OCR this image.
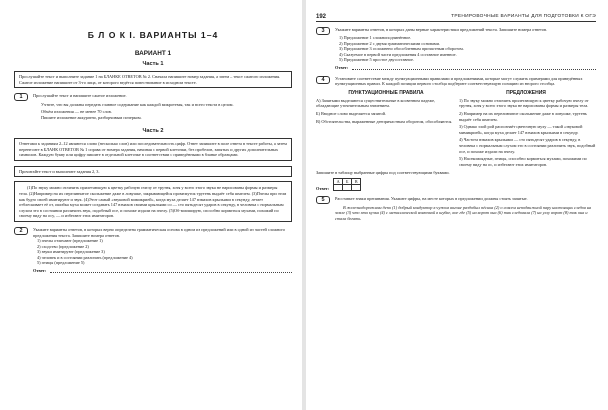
Б Л О К I. ВАРИАНТЫ 1–4
ВАРИАНТ 1
Часть 1
Прослушайте текст и выполните задание 1 на БЛАНКЕ ОТВЕТОВ № 2. Сначала напишите номер задания, а затем – текст сжатого изложения. Сжатое изложение напишите от 3-го лица, от которого ведётся повествование в исходном тексте.
1	Прослушайте текст и напишите сжатое изложение.
Учтите, что вы должны передать главное содержание как каждой микротемы, так и всего текста в целом.
Объём изложения — не менее 70 слов.
Пишите изложение аккуратно, разборчивым почерком.
Часть 2
Ответами к заданиям 2–12 являются слово (несколько слов) или последовательность цифр. Ответ запишите в поле ответа в тексте работы, а затем перенесите в БЛАНК ОТВЕТОВ № 1 справа от номера задания, начиная с первой клеточки, без пробелов, запятых и других дополнительных символов. Каждую букву или цифру пишите в отдельной клеточке в соответствии с приведёнными в бланке образцами.
Прочитайте текст и выполните задания 2, 3.
(1)По звуку можно отличить прилетающую к цветку рабочую пчелу от трутня, хотя у всего этого звука не нарисованы формы и размеры тела. (2)Например на их переливчатое скольжение даже в ловушке, закрывающейся промежуток трутень выдаёт себя шмелем. (3)Пчелы при этом как будто своей имитируют и звук. (4)Этот самый «звуковой мимикрией», когда муха делает 147 взмахов крыльями в секунду, летает отблескивает её от, ошибка муха может создавать 147 взмахов своими крыльями со — сто пятьдесят ударов в секунду, в человека с нормальным слухом это в состоянии различить звук, подобный осе, и похоже издали на пчелу. (5)Об-миоширую, способно кормиться мухами, похожий по своему виду на осу, — и избегают этих имитаторов.
2	Укажите варианты ответов, в которых верно определена грамматическая основа в одном из предложений или в одной из частей сложного предложения текста. Запишите номера ответов.
1) пчелы отличают (предложение 1)
2) сходство (предложение 2)
3) звуки имитируют (предложение 3)
4) человек и в состоянии различать (предложение 4)
5) птицы (предложение 5)
Ответ:
192	ТРЕНИРОВОЧНЫЕ ВАРИАНТЫ ДЛЯ ПОДГОТОВКИ К ОГЭ
3	Укажите варианты ответов, в которых даны верные характеристики предложений текста. Запишите номера ответов.
1) Предложение 1 сложноподчинённое.
2) Предложение 2 с двумя грамматическими основами.
3) Предложение 3 осложнено обособленным причастным оборотом.
4) Сказуемое в первой части предложения 4 составное именное.
5) Предложение 5 простое двусоставное.
Ответ:
4	Установите соответствие между пунктуационными правилами и предложениями, которые могут служить примерами для приведённых пунктуационных правил. К каждой позиции первого столбца подберите соответствующую позицию из второго столбца.
ПУНКТУАЦИОННЫЕ ПРАВИЛА	ПРЕДЛОЖЕНИЯ
А) Запятыми выделяются существительные в косвенном падеже, обладающие уточнительным значением.
Б) Вводное слово выделяется запятой.
В) Обстоятельства, выраженные деепричастным оборотом, обособляются.
1) По звуку можно отличить прилетающую к цветку рабочую пчелу от трутня, хотя у всего этого звука не нарисованы формы и размеры тела.
2) Например на их переливчатое скольжение даже в ловушке, трутень выдаёт себя шмелем.
3) Однако злой рой распознаёт цветочную муху — такой «звуковой мимикрией», когда муха делает 147 взмахов крыльями в секунду.
4) Частота взмахов крыльями — сто пятьдесят ударов в секунду, в человека с нормальным слухом это в состоянии различить звук, подобный осе, и похоже издали на пчелу.
5) Насекомоядные, птицы, способно кормиться мухами, похожими по своему виду на ос, и избегают этих имитаторов.
Запишите в таблицу выбранные цифры под соответствующими буквами.
Ответ:
А	Б	В

5	Расставьте знаки препинания. Укажите цифры, на месте которых в предложении должны стоять запятые.
В железнодорожном депо (1) добрый кондуктор в чужом вагоне раздобыл пёсика (2) о совсем неподвижной пару настоящих следов на земле (3) что эта кучка (4) с металлической вонючкой в шубке, кое где (5) на ворот она (6) так следовала (7) на углу ворот (8) так она и стала бегать.
